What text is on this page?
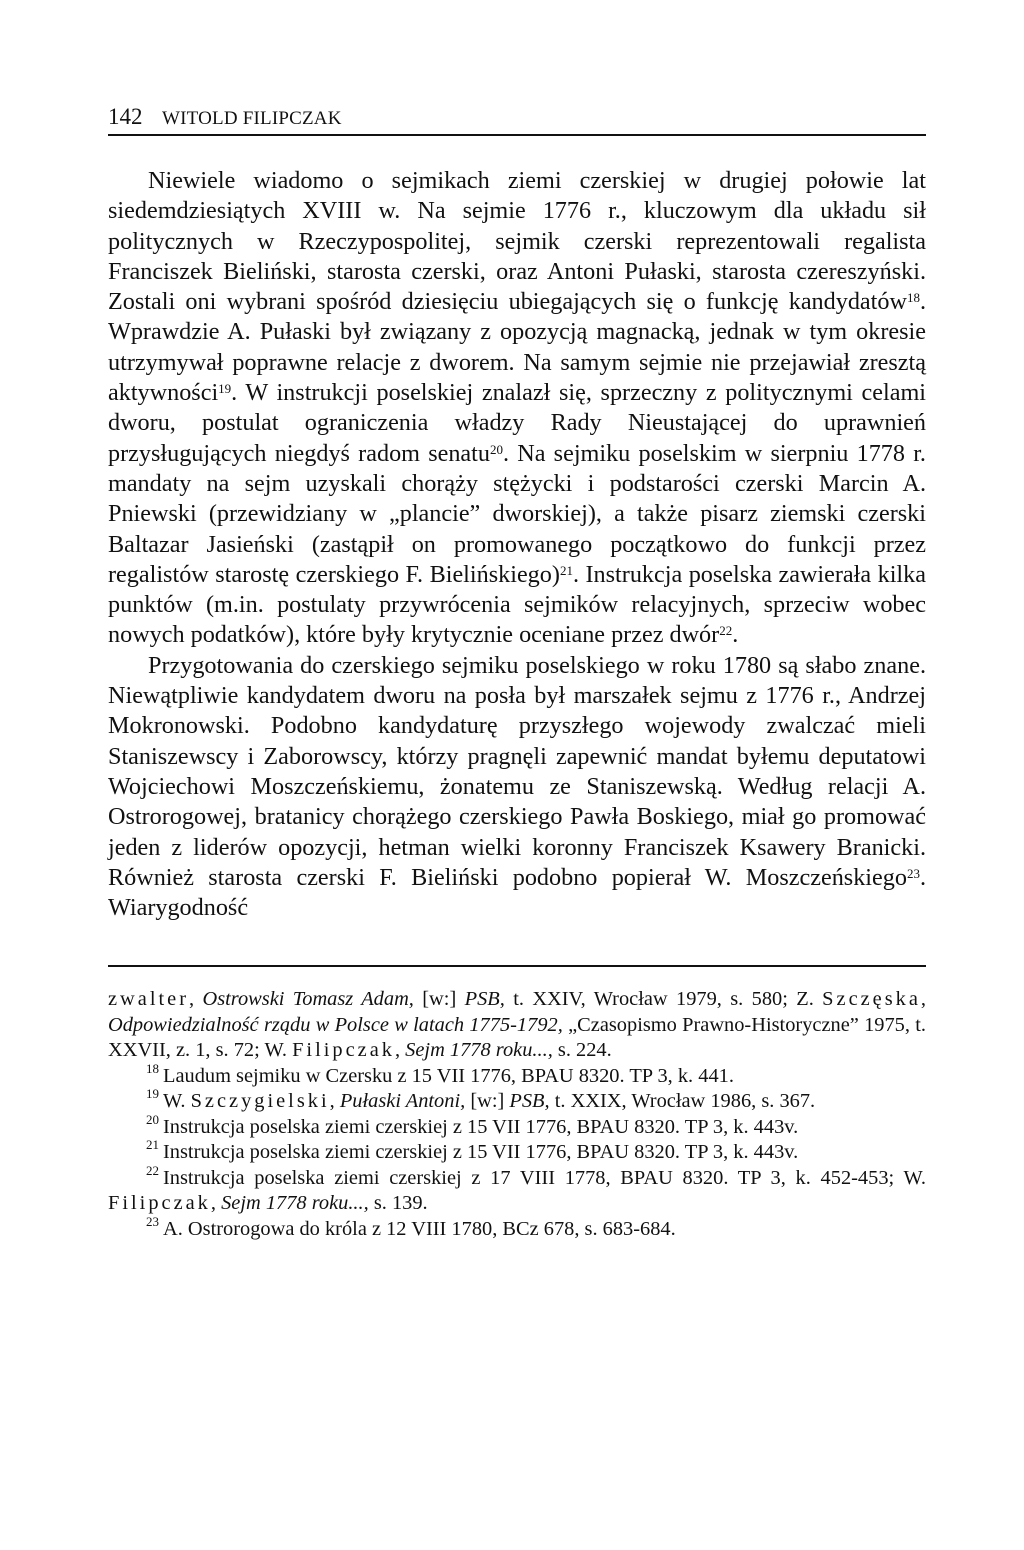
142 WITOLD FILIPCZAK

Niewiele wiadomo o sejmikach ziemi czerskiej w drugiej połowie lat siedemdziesiątych XVIII w. Na sejmie 1776 r., kluczowym dla układu sił politycznych w Rzeczypospolitej, sejmik czerski reprezentowali regalista Franciszek Bieliński, starosta czerski, oraz Antoni Pułaski, starosta czereszyński. Zostali oni wybrani spośród dziesięciu ubiegających się o funkcję kandydatów$^{18}$. Wprawdzie A. Pułaski był związany z opozycją magnacką, jednak w tym okresie utrzymywał poprawne relacje z dworem. Na samym sejmie nie przejawiał zresztą aktywności$^{19}$. W instrukcji poselskiej znalazł się, sprzeczny z politycznymi celami dworu, postulat ograniczenia władzy Rady Nieustającej do uprawnień przysługujących niegdyś radom senatu$^{20}$. Na sejmiku poselskim w sierpniu 1778 r. mandaty na sejm uzyskali chorąży stężycki i podstarości czerski Marcin A. Pniewski (przewidziany w „plancie” dworskiej), a także pisarz ziemski czerski Baltazar Jasieński (zastąpił on promowanego początkowo do funkcji przez regalistów starostę czerskiego F. Bielińskiego)$^{21}$. Instrukcja poselska zawierała kilka punktów (m.in. postulaty przywrócenia sejmików relacyjnych, sprzeciw wobec nowych podatków), które były krytycznie oceniane przez dwór$^{22}$.

Przygotowania do czerskiego sejmiku poselskiego w roku 1780 są słabo znane. Niewątpliwie kandydatem dworu na posła był marszałek sejmu z 1776 r., Andrzej Mokronowski. Podobno kandydaturę przyszłego wojewody zwalczać mieli Staniszewscy i Zaborowscy, którzy pragnęli zapewnić mandat byłemu deputatowi Wojciechowi Moszczeńskiemu, żonatemu ze Staniszewską. Według relacji A. Ostrorogowej, bratanicy chorążego czerskiego Pawła Boskiego, miał go promować jeden z liderów opozycji, hetman wielki koronny Franciszek Ksawery Branicki. Również starosta czerski F. Bieliński podobno popierał W. Moszczeńskiego$^{23}$. Wiarygodność

zwalter, Ostrowski Tomasz Adam, [w:] PSB, t. XXIV, Wrocław 1979, s. 580; Z. Szczęska, Odpowiedzialność rządu w Polsce w latach 1775-1792, „Czasopismo Prawno-Historyczne” 1975, t. XXVII, z. 1, s. 72; W. Filipczak, Sejm 1778 roku..., s. 224.

$^{18}$ Laudum sejmiku w Czersku z 15 VII 1776, BPAU 8320. TP 3, k. 441.

$^{19}$ W. Szczygielski, Pułaski Antoni, [w:] PSB, t. XXIX, Wrocław 1986, s. 367.

$^{20}$ Instrukcja poselska ziemi czerskiej z 15 VII 1776, BPAU 8320. TP 3, k. 443v.

$^{21}$ Instrukcja poselska ziemi czerskiej z 15 VII 1776, BPAU 8320. TP 3, k. 443v.

$^{22}$ Instrukcja poselska ziemi czerskiej z 17 VIII 1778, BPAU 8320. TP 3, k. 452-453; W. Filipczak, Sejm 1778 roku..., s. 139.

$^{23}$ A. Ostrorogowa do króla z 12 VIII 1780, BCz 678, s. 683-684.
